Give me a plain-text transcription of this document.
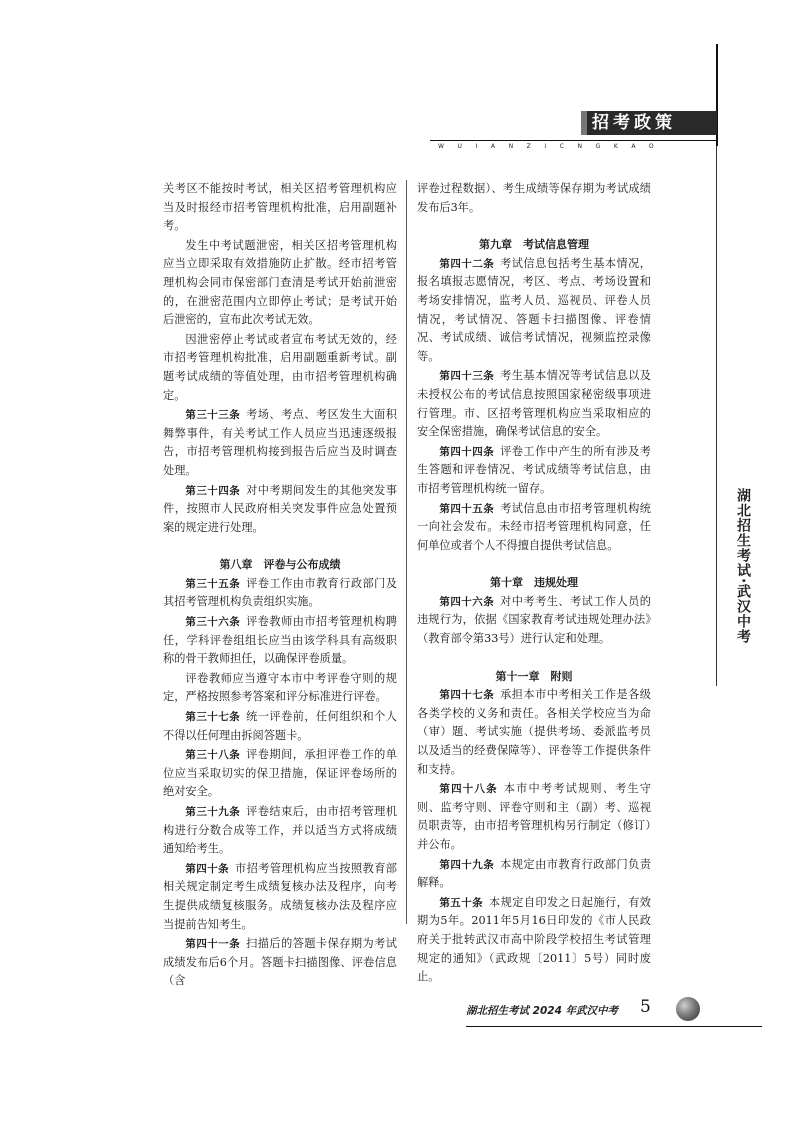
招考政策
WUIANZICNGKAO

关考区不能按时考试，相关区招考管理机构应当及时报经市招考管理机构批准，启用副题补考。

发生中考试题泄密，相关区招考管理机构应当立即采取有效措施防止扩散。经市招考管理机构会同市保密部门查清是考试开始前泄密的，在泄密范围内立即停止考试；是考试开始后泄密的，宣布此次考试无效。

因泄密停止考试或者宣布考试无效的，经市招考管理机构批准，启用副题重新考试。副题考试成绩的等值处理，由市招考管理机构确定。

第三十三条 考场、考点、考区发生大面积舞弊事件，有关考试工作人员应当迅速逐级报告，市招考管理机构接到报告后应当及时调查处理。

第三十四条 对中考期间发生的其他突发事件，按照市人民政府相关突发事件应急处置预案的规定进行处理。

第八章　评卷与公布成绩

第三十五条 评卷工作由市教育行政部门及其招考管理机构负责组织实施。

第三十六条 评卷教师由市招考管理机构聘任，学科评卷组组长应当由该学科具有高级职称的骨干教师担任，以确保评卷质量。

评卷教师应当遵守本市中考评卷守则的规定，严格按照参考答案和评分标准进行评卷。

第三十七条 统一评卷前，任何组织和个人不得以任何理由拆阅答题卡。

第三十八条 评卷期间，承担评卷工作的单位应当采取切实的保卫措施，保证评卷场所的绝对安全。

第三十九条 评卷结束后，由市招考管理机构进行分数合成等工作，并以适当方式将成绩通知给考生。

第四十条 市招考管理机构应当按照教育部相关规定制定考生成绩复核办法及程序，向考生提供成绩复核服务。成绩复核办法及程序应当提前告知考生。

第四十一条 扫描后的答题卡保存期为考试成绩发布后6个月。答题卡扫描图像、评卷信息（含

评卷过程数据）、考生成绩等保存期为考试成绩发布后3年。

第九章　考试信息管理

第四十二条 考试信息包括考生基本情况，报名填报志愿情况，考区、考点、考场设置和考场安排情况，监考人员、巡视员、评卷人员情况，考试情况、答题卡扫描图像、评卷情况、考试成绩、诚信考试情况，视频监控录像等。

第四十三条 考生基本情况等考试信息以及未授权公布的考试信息按照国家秘密级事项进行管理。市、区招考管理机构应当采取相应的安全保密措施，确保考试信息的安全。

第四十四条 评卷工作中产生的所有涉及考生答题和评卷情况、考试成绩等考试信息，由市招考管理机构统一留存。

第四十五条 考试信息由市招考管理机构统一向社会发布。未经市招考管理机构同意，任何单位或者个人不得擅自提供考试信息。

第十章　违规处理

第四十六条 对中考考生、考试工作人员的违规行为，依据《国家教育考试违规处理办法》（教育部令第33号）进行认定和处理。

第十一章　附则

第四十七条 承担本市中考相关工作是各级各类学校的义务和责任。各相关学校应当为命（审）题、考试实施（提供考场、委派监考员以及适当的经费保障等）、评卷等工作提供条件和支持。

第四十八条 本市中考考试规则、考生守则、监考守则、评卷守则和主（副）考、巡视员职责等，由市招考管理机构另行制定（修订）并公布。

第四十九条 本规定由市教育行政部门负责解释。

第五十条 本规定自印发之日起施行，有效期为5年。2011年5月16日印发的《市人民政府关于批转武汉市高中阶段学校招生考试管理规定的通知》（武政规〔2011〕5号）同时废止。

湖北招生考试·武汉中考
湖北招生考试 2024 年武汉中考	5
